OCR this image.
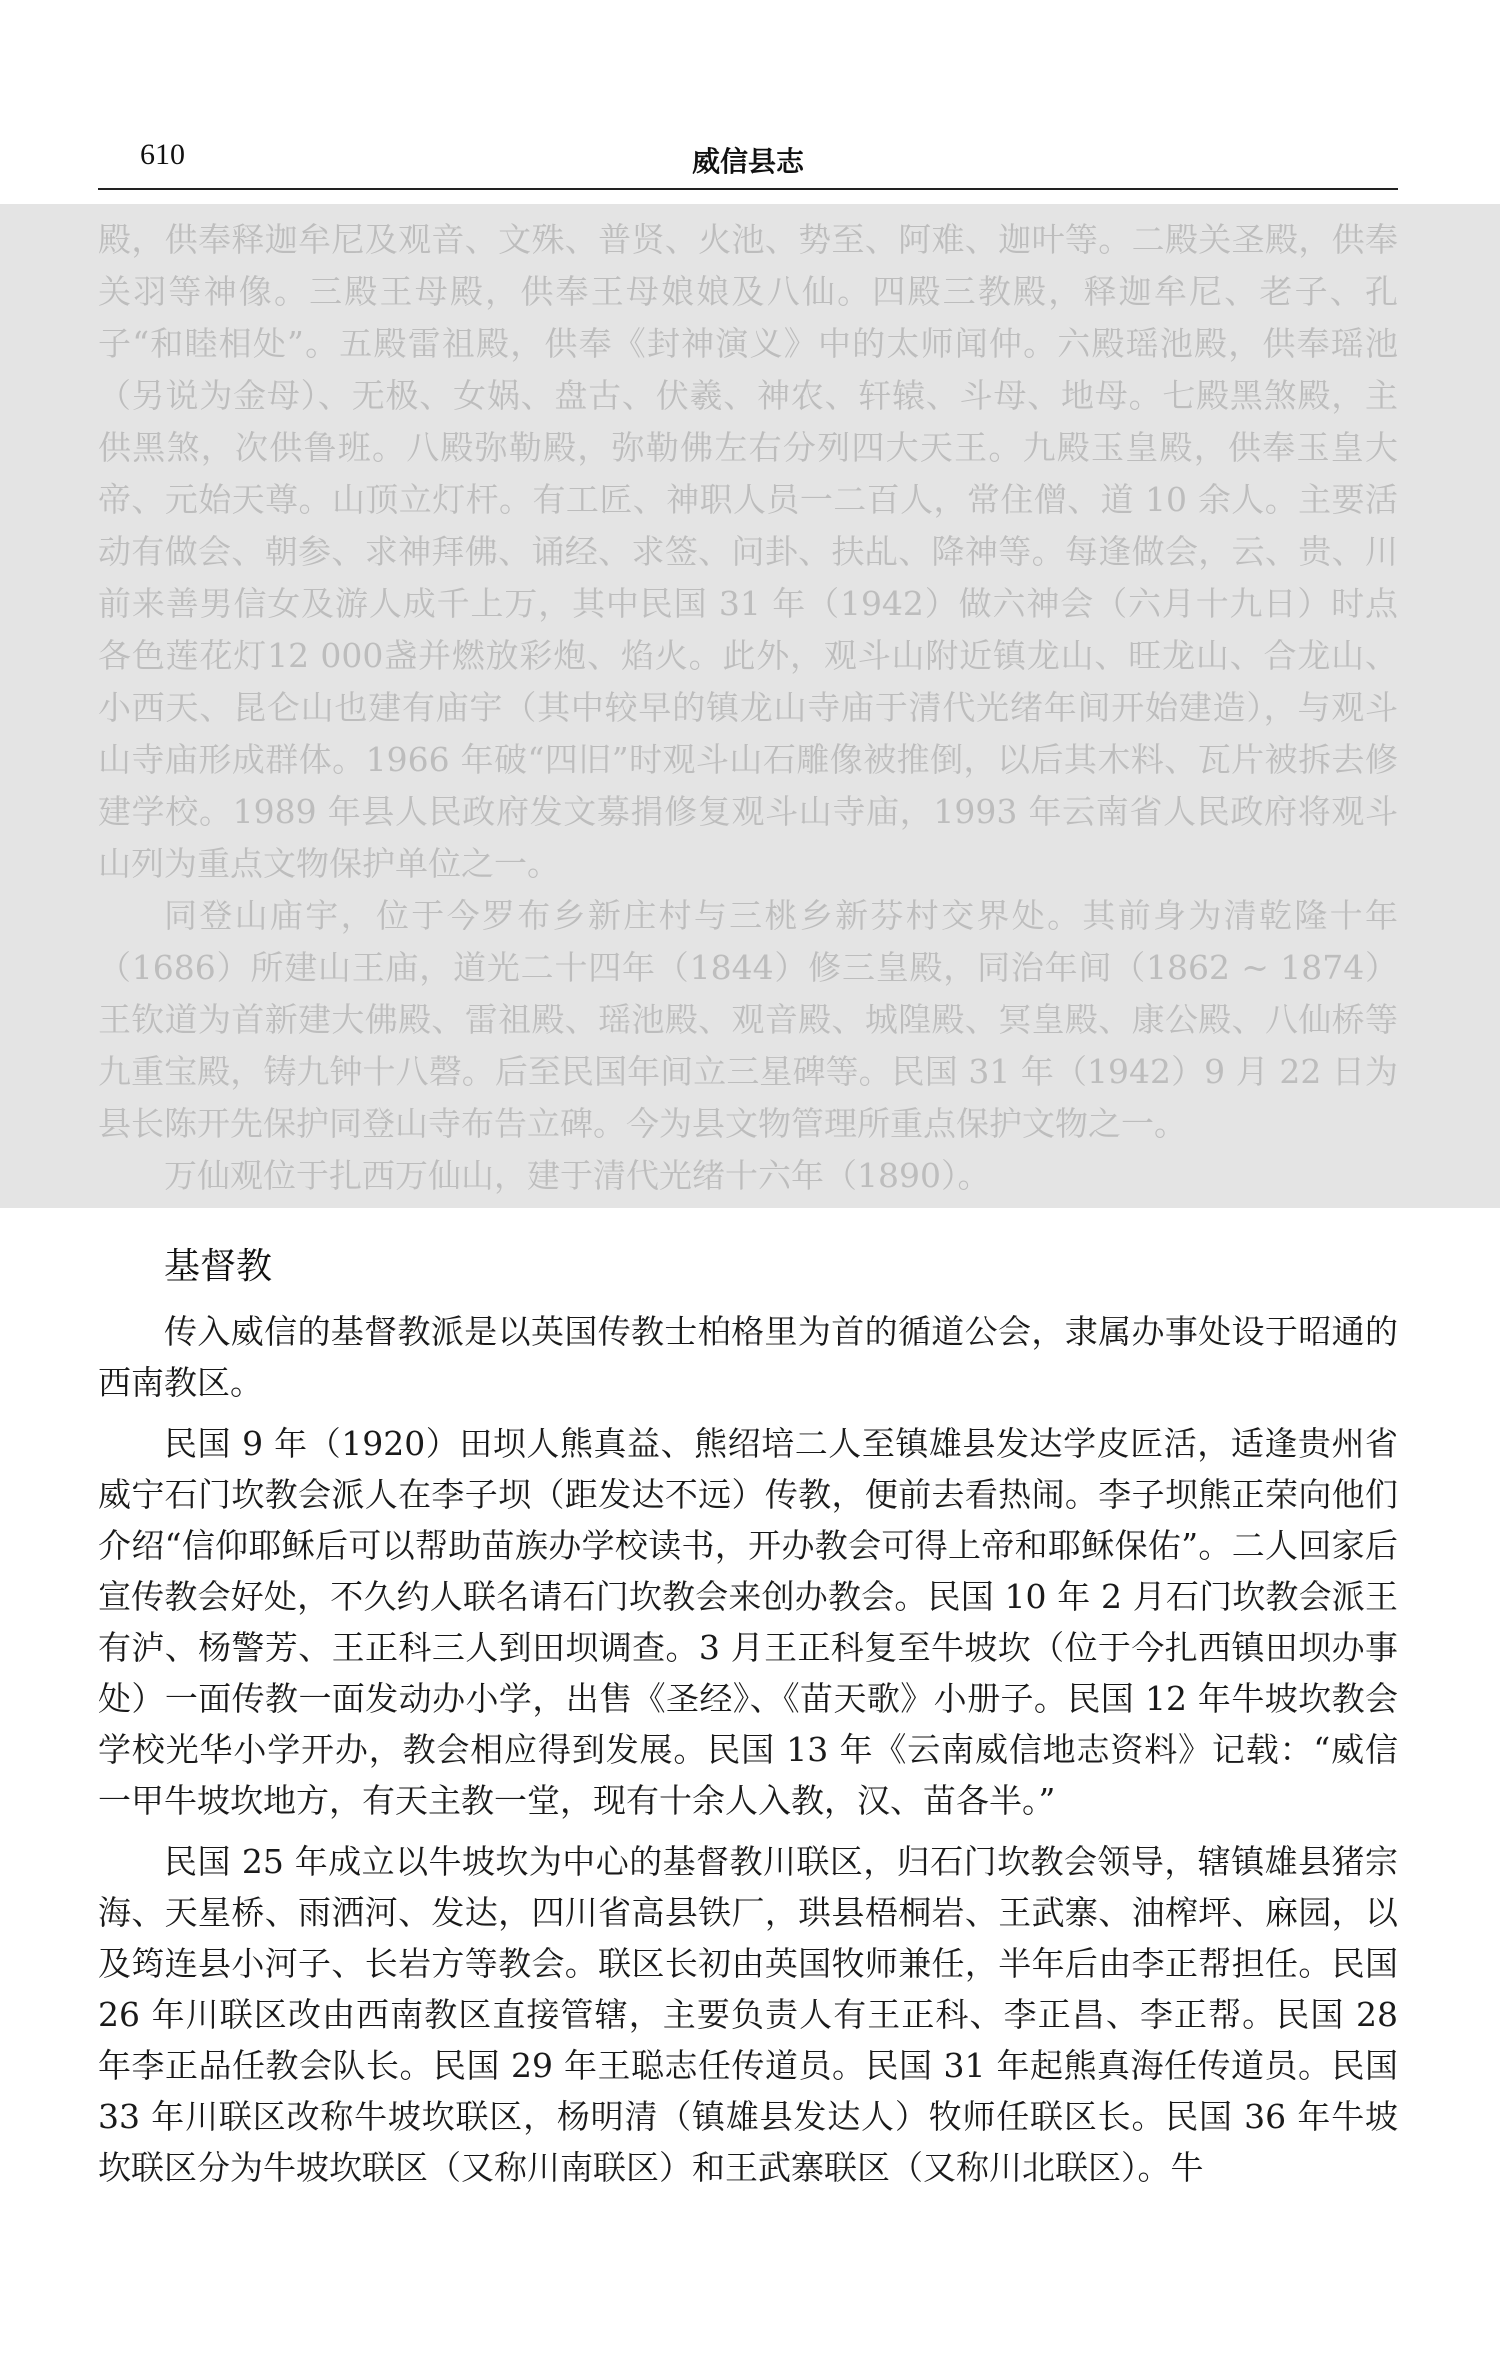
610	威信县志

殿，供奉释迦牟尼及观音、文殊、普贤、火池、势至、阿难、迦叶等。二殿关圣殿，供奉关羽等神像。三殿王母殿，供奉王母娘娘及八仙。四殿三教殿，释迦牟尼、老子、孔子“和睦相处”。五殿雷祖殿，供奉《封神演义》中的太师闻仲。六殿瑶池殿，供奉瑶池（另说为金母）、无极、女娲、盘古、伏羲、神农、轩辕、斗母、地母。七殿黑煞殿，主供黑煞，次供鲁班。八殿弥勒殿，弥勒佛左右分列四大天王。九殿玉皇殿，供奉玉皇大帝、元始天尊。山顶立灯杆。有工匠、神职人员一二百人，常住僧、道 10 余人。主要活动有做会、朝参、求神拜佛、诵经、求签、问卦、扶乩、降神等。每逢做会，云、贵、川前来善男信女及游人成千上万，其中民国 31 年（1942）做六神会（六月十九日）时点各色莲花灯12 000盏并燃放彩炮、焰火。此外，观斗山附近镇龙山、旺龙山、合龙山、小西天、昆仑山也建有庙宇（其中较早的镇龙山寺庙于清代光绪年间开始建造），与观斗山寺庙形成群体。1966 年破“四旧”时观斗山石雕像被推倒，以后其木料、瓦片被拆去修建学校。1989 年县人民政府发文募捐修复观斗山寺庙，1993 年云南省人民政府将观斗山列为重点文物保护单位之一。

同登山庙宇，位于今罗布乡新庄村与三桃乡新芬村交界处。其前身为清乾隆十年（1686）所建山王庙，道光二十四年（1844）修三皇殿，同治年间（1862 ~ 1874）王钦道为首新建大佛殿、雷祖殿、瑶池殿、观音殿、城隍殿、冥皇殿、康公殿、八仙桥等九重宝殿，铸九钟十八磬。后至民国年间立三星碑等。民国 31 年（1942）9 月 22 日为县长陈开先保护同登山寺布告立碑。今为县文物管理所重点保护文物之一。

万仙观位于扎西万仙山，建于清代光绪十六年（1890）。

基督教

传入威信的基督教派是以英国传教士柏格里为首的循道公会，隶属办事处设于昭通的西南教区。

民国 9 年（1920）田坝人熊真益、熊绍培二人至镇雄县发达学皮匠活，适逢贵州省威宁石门坎教会派人在李子坝（距发达不远）传教，便前去看热闹。李子坝熊正荣向他们介绍“信仰耶稣后可以帮助苗族办学校读书，开办教会可得上帝和耶稣保佑”。二人回家后宣传教会好处，不久约人联名请石门坎教会来创办教会。民国 10 年 2 月石门坎教会派王有泸、杨警芳、王正科三人到田坝调查。3 月王正科复至牛坡坎（位于今扎西镇田坝办事处）一面传教一面发动办小学，出售《圣经》、《苗天歌》小册子。民国 12 年牛坡坎教会学校光华小学开办，教会相应得到发展。民国 13 年《云南威信地志资料》记载：“威信一甲牛坡坎地方，有天主教一堂，现有十余人入教，汉、苗各半。”

民国 25 年成立以牛坡坎为中心的基督教川联区，归石门坎教会领导，辖镇雄县猪宗海、天星桥、雨洒河、发达，四川省高县铁厂，珙县梧桐岩、王武寨、油榨坪、麻园，以及筠连县小河子、长岩方等教会。联区长初由英国牧师兼任，半年后由李正帮担任。民国 26 年川联区改由西南教区直接管辖，主要负责人有王正科、李正昌、李正帮。民国 28 年李正品任教会队长。民国 29 年王聪志任传道员。民国 31 年起熊真海任传道员。民国 33 年川联区改称牛坡坎联区，杨明清（镇雄县发达人）牧师任联区长。民国 36 年牛坡坎联区分为牛坡坎联区（又称川南联区）和王武寨联区（又称川北联区）。牛
